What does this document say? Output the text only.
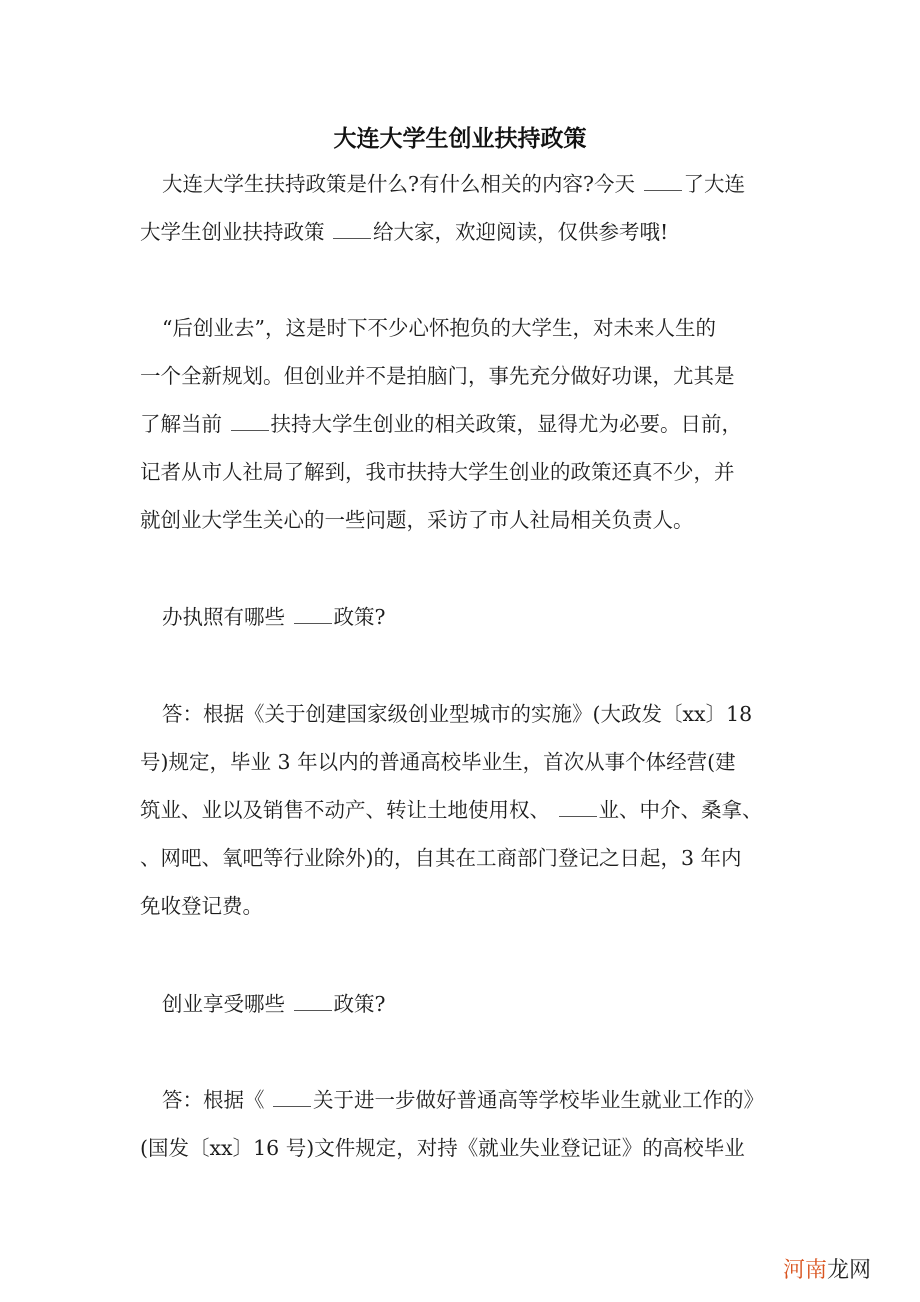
大连大学生创业扶持政策
大连大学生扶持政策是什么?有什么相关的内容?今天 了大连
大学生创业扶持政策 给大家，欢迎阅读，仅供参考哦!
“后创业去”，这是时下不少心怀抱负的大学生，对未来人生的
一个全新规划。但创业并不是拍脑门，事先充分做好功课，尤其是
了解当前 扶持大学生创业的相关政策，显得尤为必要。日前，
记者从市人社局了解到，我市扶持大学生创业的政策还真不少，并
就创业大学生关心的一些问题，采访了市人社局相关负责人。
办执照有哪些 政策?
答：根据《关于创建国家级创业型城市的实施》(大政发〔xx〕18
号)规定，毕业 3 年以内的普通高校毕业生，首次从事个体经营(建
筑业、业以及销售不动产、转让土地使用权、 业、中介、桑拿、
、网吧、氧吧等行业除外)的，自其在工商部门登记之日起，3 年内
免收登记费。
创业享受哪些 政策?
答：根据《 关于进一步做好普通高等学校毕业生就业工作的》
(国发〔xx〕16 号)文件规定，对持《就业失业登记证》的高校毕业
河南龙网
